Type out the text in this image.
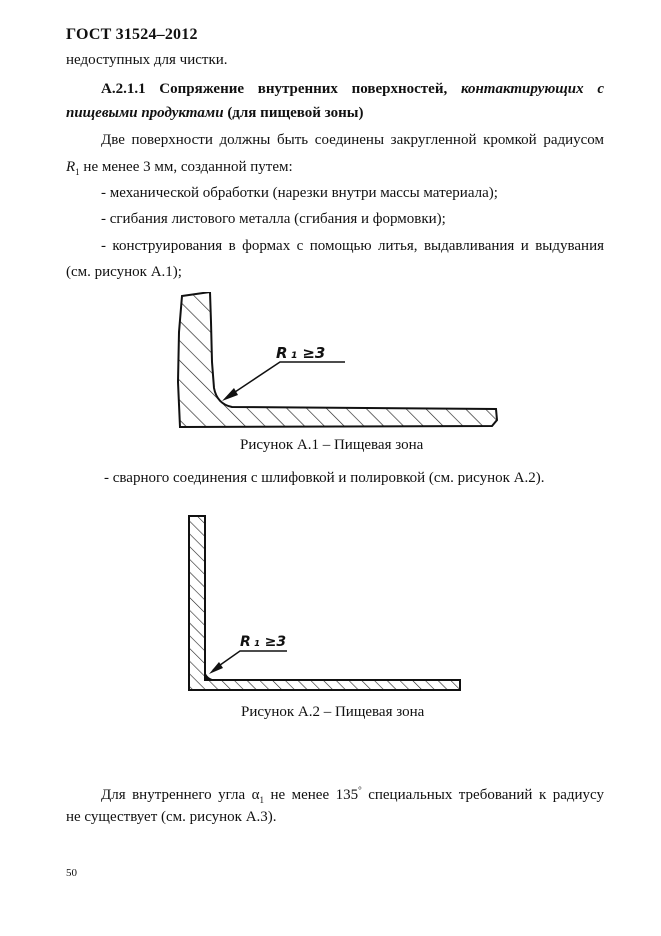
ГОСТ 31524–2012
недоступных для чистки.
А.2.1.1 Сопряжение внутренних поверхностей, контактирующих с
пищевыми продуктами (для пищевой зоны)
Две поверхности должны быть соединены закругленной кромкой радиусом
$R_1$ не менее 3 мм, созданной путем:
- механической обработки (нарезки внутри массы материала);
- сгибания листового металла (сгибания и формовки);
- конструирования в формах с помощью литья, выдавливания и выдувания
(см. рисунок А.1);
R ₁ ≥3
Рисунок А.1 – Пищевая зона
- сварного соединения с шлифовкой и полировкой (см. рисунок А.2).
R ₁ ≥3
Рисунок А.2 – Пищевая зона
Для внутреннего угла $\alpha_1$ не менее 135° специальных требований к радиусу
не существует (см. рисунок А.3).
50
